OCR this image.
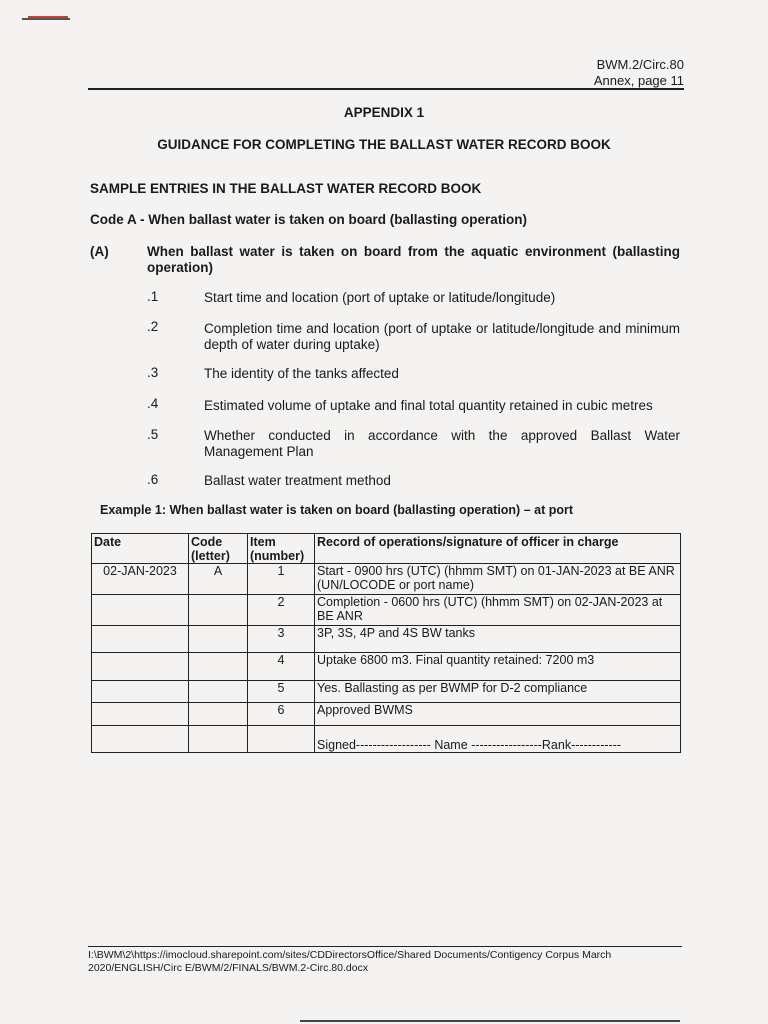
BWM.2/Circ.80
Annex, page 11
APPENDIX 1
GUIDANCE FOR COMPLETING THE BALLAST WATER RECORD BOOK
SAMPLE ENTRIES IN THE BALLAST WATER RECORD BOOK
Code A - When ballast water is taken on board (ballasting operation)
(A)	When ballast water is taken on board from the aquatic environment (ballasting operation)
.1	Start time and location (port of uptake or latitude/longitude)
.2	Completion time and location (port of uptake or latitude/longitude and minimum depth of water during uptake)
.3	The identity of the tanks affected
.4	Estimated volume of uptake and final total quantity retained in cubic metres
.5	Whether conducted in accordance with the approved Ballast Water Management Plan
.6	Ballast water treatment method
Example 1: When ballast water is taken on board (ballasting operation) – at port
Date	Code (letter)	Item (number)	Record of operations/signature of officer in charge
02-JAN-2023	A	1	Start - 0900 hrs (UTC) (hhmm SMT) on 01-JAN-2023 at BE ANR (UN/LOCODE or port name)
		2	Completion - 0600 hrs (UTC) (hhmm SMT) on 02-JAN-2023 at BE ANR
		3	3P, 3S, 4P and 4S BW tanks
		4	Uptake 6800 m3. Final quantity retained: 7200 m3
		5	Yes. Ballasting as per BWMP for D-2 compliance
		6	Approved BWMS
			Signed------------------ Name -----------------Rank------------
I:\BWM\2\https://imocloud.sharepoint.com/sites/CDDirectorsOffice/Shared Documents/Contigency Corpus March 2020/ENGLISH/Circ E/BWM/2/FINALS/BWM.2-Circ.80.docx
